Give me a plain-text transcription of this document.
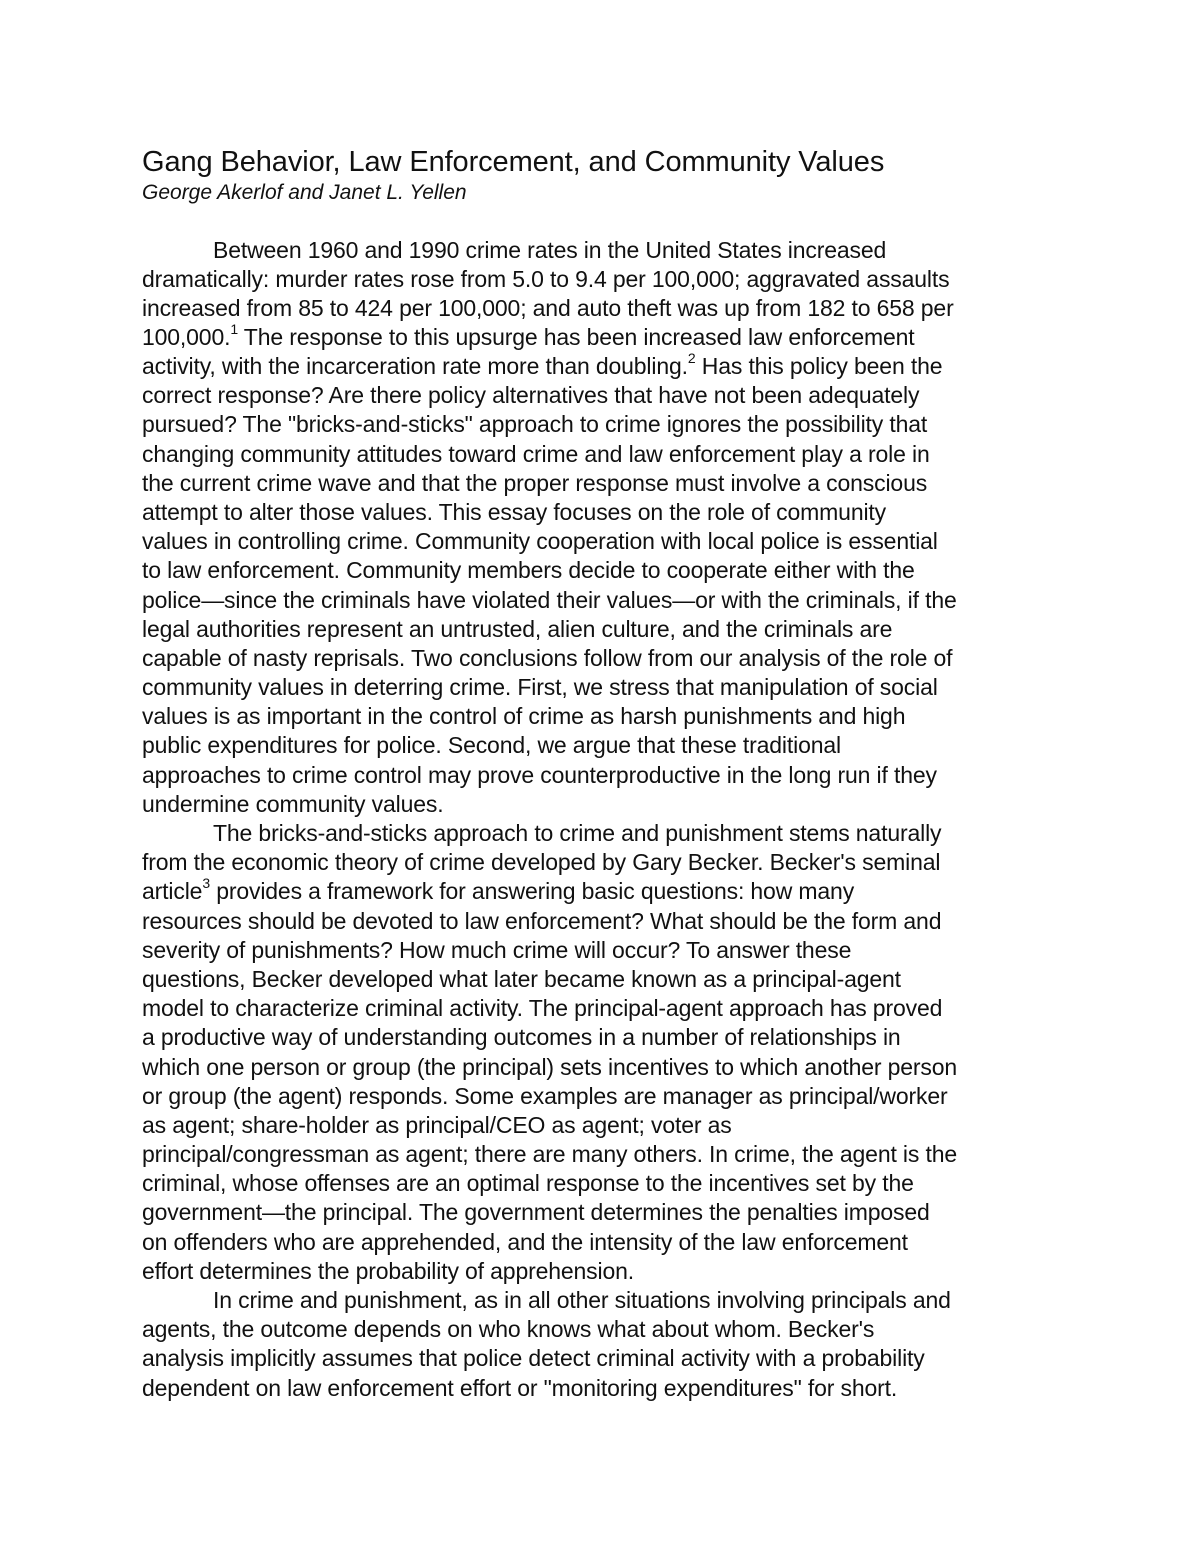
Gang Behavior, Law Enforcement, and Community Values

George Akerlof and Janet L. Yellen

Between 1960 and 1990 crime rates in the United States increased

dramatically: murder rates rose from 5.0 to 9.4 per 100,000; aggravated assaults

increased from 85 to 424 per 100,000; and auto theft was up from 182 to 658 per

100,000.$^1$ The response to this upsurge has been increased law enforcement

activity, with the incarceration rate more than doubling.$^2$ Has this policy been the

correct response? Are there policy alternatives that have not been adequately

pursued? The "bricks-and-sticks" approach to crime ignores the possibility that

changing community attitudes toward crime and law enforcement play a role in

the current crime wave and that the proper response must involve a conscious

attempt to alter those values. This essay focuses on the role of community

values in controlling crime. Community cooperation with local police is essential

to law enforcement. Community members decide to cooperate either with the

police—since the criminals have violated their values—or with the criminals, if the

legal authorities represent an untrusted, alien culture, and the criminals are

capable of nasty reprisals. Two conclusions follow from our analysis of the role of

community values in deterring crime. First, we stress that manipulation of social

values is as important in the control of crime as harsh punishments and high

public expenditures for police. Second, we argue that these traditional

approaches to crime control may prove counterproductive in the long run if they

undermine community values.

The bricks-and-sticks approach to crime and punishment stems naturally

from the economic theory of crime developed by Gary Becker. Becker's seminal

article$^3$ provides a framework for answering basic questions: how many

resources should be devoted to law enforcement? What should be the form and

severity of punishments? How much crime will occur? To answer these

questions, Becker developed what later became known as a principal-agent

model to characterize criminal activity. The principal-agent approach has proved

a productive way of understanding outcomes in a number of relationships in

which one person or group (the principal) sets incentives to which another person

or group (the agent) responds. Some examples are manager as principal/worker

as agent; share-holder as principal/CEO as agent; voter as

principal/congressman as agent; there are many others. In crime, the agent is the

criminal, whose offenses are an optimal response to the incentives set by the

government—the principal. The government determines the penalties imposed

on offenders who are apprehended, and the intensity of the law enforcement

effort determines the probability of apprehension.

In crime and punishment, as in all other situations involving principals and

agents, the outcome depends on who knows what about whom. Becker's

analysis implicitly assumes that police detect criminal activity with a probability

dependent on law enforcement effort or "monitoring expenditures" for short.
